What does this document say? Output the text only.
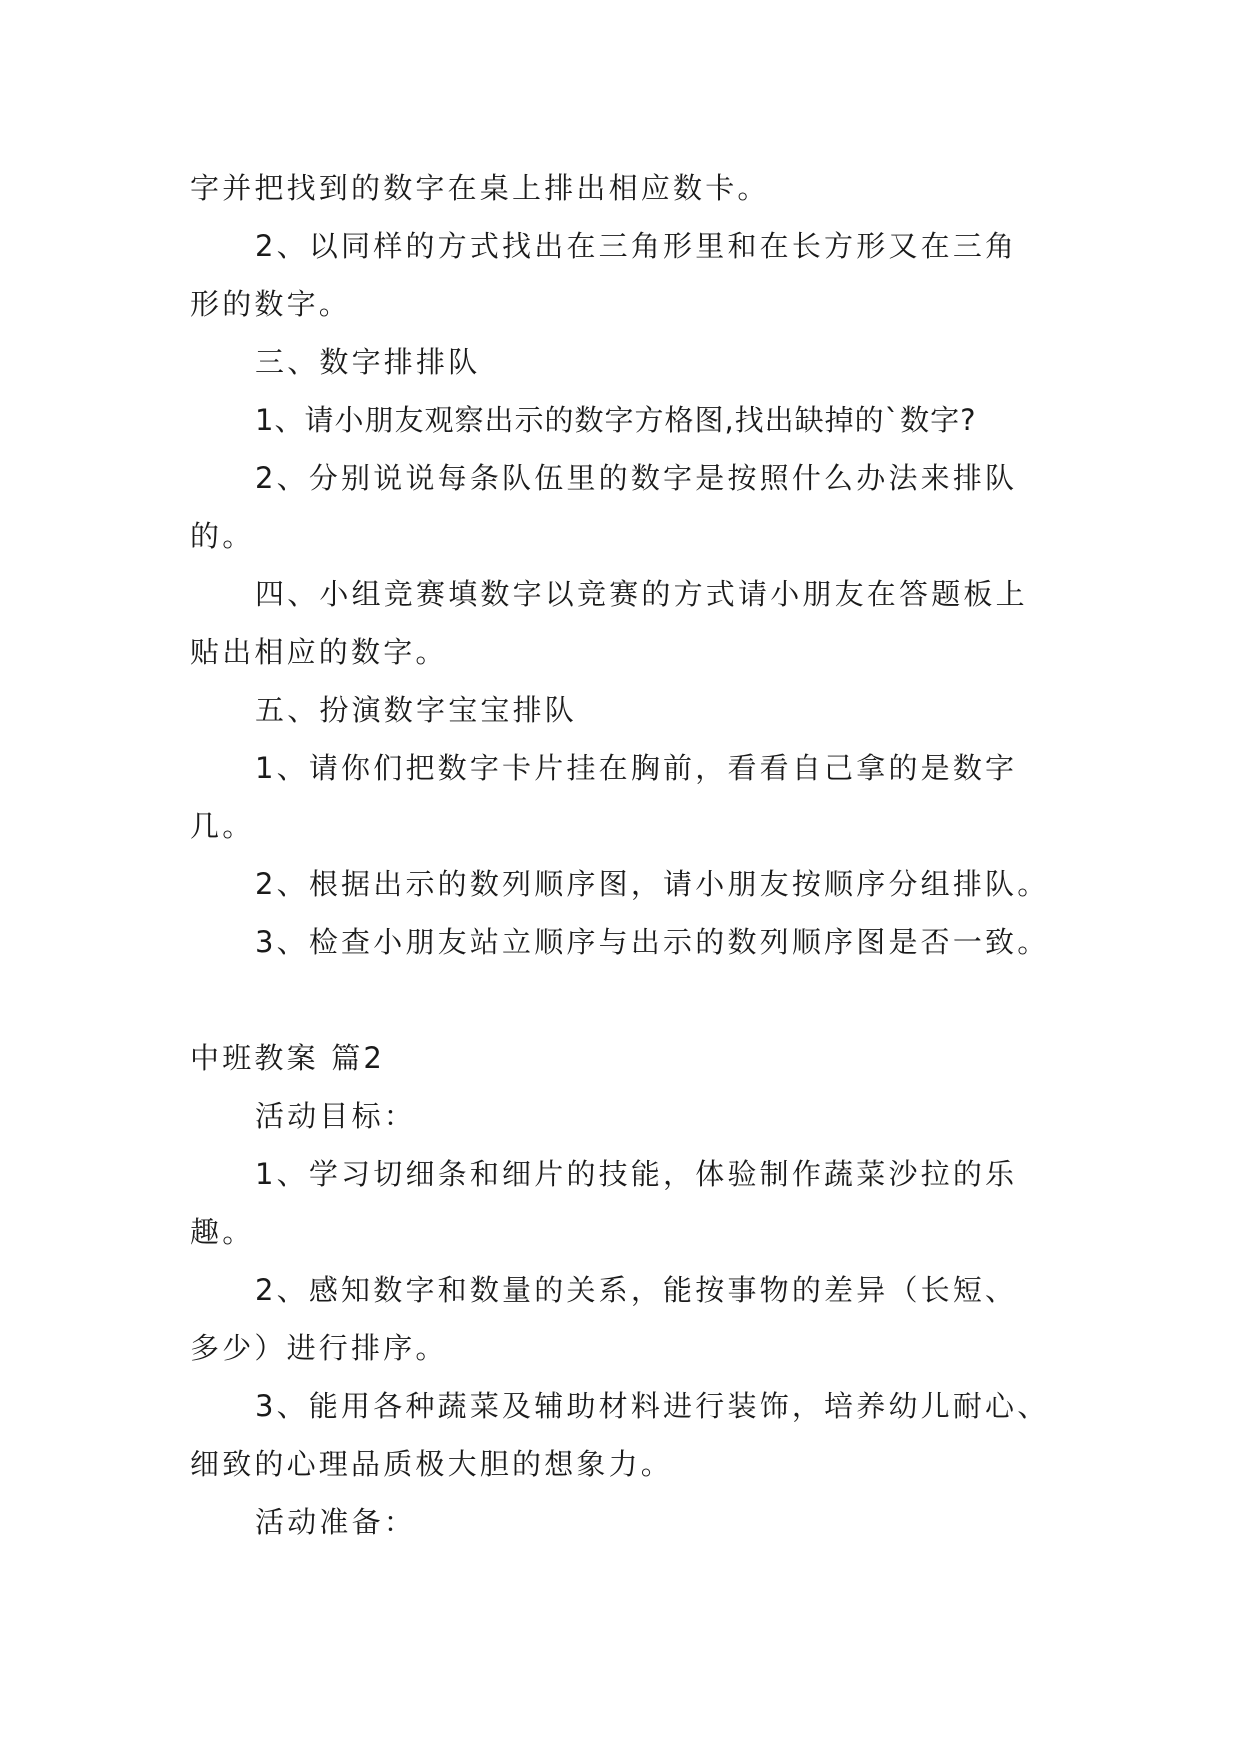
字并把找到的数字在桌上排出相应数卡。
2、以同样的方式找出在三角形里和在长方形又在三角
形的数字。
三、数字排排队
1、请小朋友观察出示的数字方格图,找出缺掉的`数字?
2、分别说说每条队伍里的数字是按照什么办法来排队
的。
四、小组竞赛填数字以竞赛的方式请小朋友在答题板上
贴出相应的数字。
五、扮演数字宝宝排队
1、请你们把数字卡片挂在胸前，看看自己拿的是数字
几。
2、根据出示的数列顺序图，请小朋友按顺序分组排队。
3、检查小朋友站立顺序与出示的数列顺序图是否一致。
中班教案 篇2
活动目标：
1、学习切细条和细片的技能，体验制作蔬菜沙拉的乐
趣。
2、感知数字和数量的关系，能按事物的差异（长短、
多少）进行排序。
3、能用各种蔬菜及辅助材料进行装饰，培养幼儿耐心、
细致的心理品质极大胆的想象力。
活动准备：
